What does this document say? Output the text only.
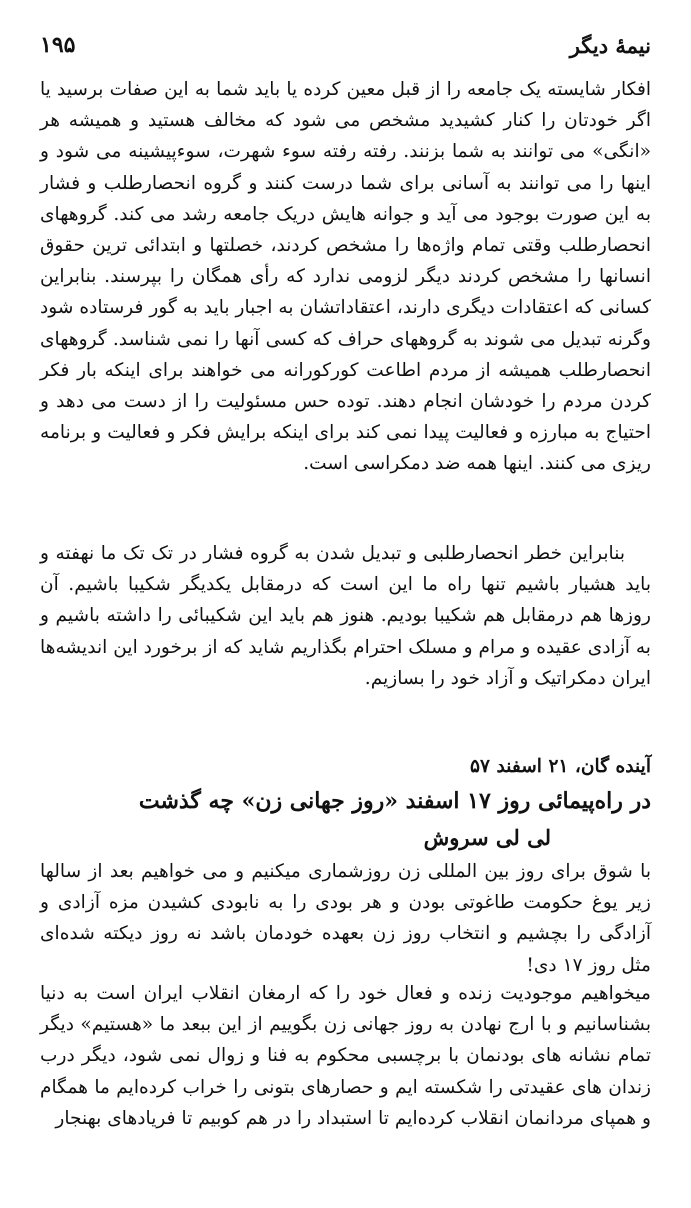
نیمهٔ دیگر
۱۹۵

افکار شایسته یک جامعه را از قبل معین کرده یا باید شما به این صفات برسید یا اگر خودتان را کنار کشیدید مشخص می شود که مخالف هستید و همیشه هر «انگی» می توانند به شما بزنند. رفته رفته سوء شهرت، سوءپیشینه می شود و اینها را می توانند به آسانی برای شما درست کنند و گروه انحصارطلب و فشار به این صورت بوجود می آید و جوانه هایش دریک جامعه رشد می کند. گروههای انحصارطلب وقتی تمام واژه‌ها را مشخص کردند، خصلتها و ابتدائی ترین حقوق انسانها را مشخص کردند دیگر لزومی ندارد که رأی همگان را بپرسند. بنابراین کسانی که اعتقادات دیگری دارند، اعتقاداتشان به اجبار باید به گور فرستاده شود وگرنه تبدیل می شوند به گروههای حراف که کسی آنها را نمی شناسد. گروههای انحصارطلب همیشه از مردم اطاعت کورکورانه می خواهند برای اینکه بار فکر کردن مردم را خودشان انجام دهند. توده حس مسئولیت را از دست می دهد و احتیاج به مبارزه و فعالیت پیدا نمی کند برای اینکه برایش فکر و فعالیت و برنامه ریزی می کنند. اینها همه ضد دمکراسی است.

بنابراین خطر انحصارطلبی و تبدیل شدن به گروه فشار در تک تک ما نهفته و باید هشیار باشیم تنها راه ما این است که درمقابل یکدیگر شکیبا باشیم. آن روزها هم درمقابل هم شکیبا بودیم. هنوز هم باید این شکیبائی را داشته باشیم و به آزادی عقیده و مرام و مسلک احترام بگذاریم شاید که از برخورد این اندیشه‌ها ایران دمکراتیک و آزاد خود را بسازیم.

آینده گان، ۲۱ اسفند ۵۷
در راه‌پیمائی روز ۱۷ اسفند «روز جهانی زن» چه گذشت
لی لی سروش

با شوق برای روز بین المللی زن روزشماری میکنیم و می خواهیم بعد از سالها زیر یوغ حکومت طاغوتی بودن و هر بودی را به نابودی کشیدن مزه آزادی و آزادگی را بچشیم و انتخاب روز زن بعهده خودمان باشد نه روز دیکته شده‌ای مثل روز ۱۷ دی!

میخواهیم موجودیت زنده و فعال خود را که ارمغان انقلاب ایران است به دنیا بشناسانیم و با ارج نهادن به روز جهانی زن بگوییم از این ببعد ما «هستیم» دیگر تمام نشانه های بودنمان با برچسبی محکوم به فنا و زوال نمی شود، دیگر درب زندان های عقیدتی را شکسته ایم و حصارهای بتونی را خراب کرده‌ایم ما همگام و همپای مردانمان انقلاب کرده‌ایم تا استبداد را در هم کوبیم تا فریادهای بهنجار
